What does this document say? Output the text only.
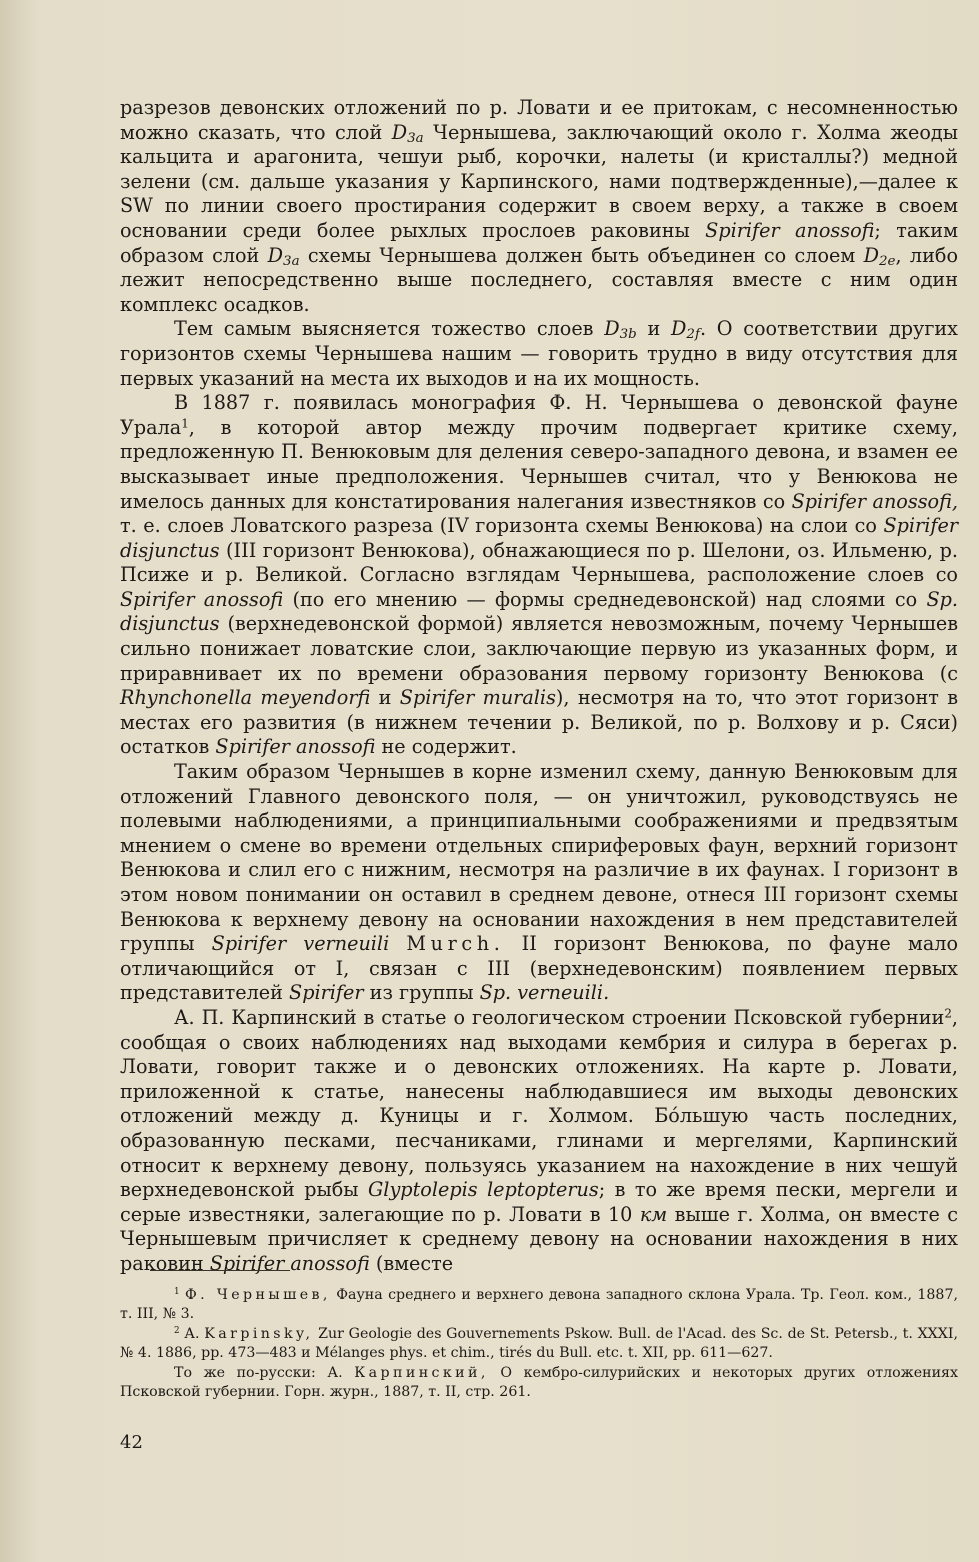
разрезов девонских отложений по р. Ловати и ее притокам, с несомненностью можно сказать, что слой $D_{3a}$ Чернышева, заключающий около г. Холма жеоды кальцита и арагонита, чешуи рыб, корочки, налеты (и кристаллы?) медной зелени (см. дальше указания у Карпинского, нами подтвержденные),—далее к SW по линии своего простирания содержит в своем верху, а также в своем основании среди более рыхлых прослоев раковины Spirifer anossofi; таким образом слой $D_{3a}$ схемы Чернышева должен быть объединен со слоем $D_{2e}$, либо лежит непосредственно выше последнего, составляя вместе с ним один комплекс осадков.

Тем самым выясняется тожество слоев $D_{3b}$ и $D_{2f}$. О соответствии других горизонтов схемы Чернышева нашим — говорить трудно в виду отсутствия для первых указаний на места их выходов и на их мощность.

В 1887 г. появилась монография Ф. Н. Чернышева о девонской фауне Урала$^1$, в которой автор между прочим подвергает критике схему, предложенную П. Венюковым для деления северо-западного девона, и взамен ее высказывает иные предположения. Чернышев считал, что у Венюкова не имелось данных для констатирования налегания известняков со Spirifer anossofi, т. е. слоев Ловатского разреза (IV горизонта схемы Венюкова) на слои со Spirifer disjunctus (III горизонт Венюкова), обнажающиеся по р. Шелони, оз. Ильменю, р. Псиже и р. Великой. Согласно взглядам Чернышева, расположение слоев со Spirifer anossofi (по его мнению — формы среднедевонской) над слоями со Sp. disjunctus (верхнедевонской формой) является невозможным, почему Чернышев сильно понижает ловатские слои, заключающие первую из указанных форм, и приравнивает их по времени образования первому горизонту Венюкова (с Rhynchonella meyendorfi и Spirifer muralis), несмотря на то, что этот горизонт в местах его развития (в нижнем течении р. Великой, по р. Волхову и р. Сяси) остатков Spirifer anossofi не содержит.

Таким образом Чернышев в корне изменил схему, данную Венюковым для отложений Главного девонского поля, — он уничтожил, руководствуясь не полевыми наблюдениями, а принципиальными соображениями и предвзятым мнением о смене во времени отдельных спириферовых фаун, верхний горизонт Венюкова и слил его с нижним, несмотря на различие в их фаунах. I горизонт в этом новом понимании он оставил в среднем девоне, отнеся III горизонт схемы Венюкова к верхнему девону на основании нахождения в нем представителей группы Spirifer verneuili Murch. II горизонт Венюкова, по фауне мало отличающийся от I, связан с III (верхнедевонским) появлением первых представителей Spirifer из группы Sp. verneuili.

А. П. Карпинский в статье о геологическом строении Псковской губернии$^2$, сообщая о своих наблюдениях над выходами кембрия и силура в берегах р. Ловати, говорит также и о девонских отложениях. На карте р. Ловати, приложенной к статье, нанесены наблюдавшиеся им выходы девонских отложений между д. Куницы и г. Холмом. Бо́льшую часть последних, образованную песками, песчаниками, глинами и мергелями, Карпинский относит к верхнему девону, пользуясь указанием на нахождение в них чешуй верхнедевонской рыбы Glyptolepis leptopterus; в то же время пески, мергели и серые известняки, залегающие по р. Ловати в 10 км выше г. Холма, он вместе с Чернышевым причисляет к среднему девону на основании нахождения в них раковин Spirifer anossofi (вместе

$^1$ Ф. Чернышев, Фауна среднего и верхнего девона западного склона Урала. Тр. Геол. ком., 1887, т. III, № 3.

$^2$ А. Karpinsky, Zur Geologie des Gouvernements Pskow. Bull. de l'Acad. des Sc. de St. Petersb., t. XXXI, № 4. 1886, pp. 473—483 и Mélanges phys. et chim., tirés du Bull. etc. t. XII, pp. 611—627.

То же по-русски: А. Карпинский, О кембро-силурийских и некоторых других отложениях Псковской губернии. Горн. журн., 1887, т. II, стр. 261.

42
